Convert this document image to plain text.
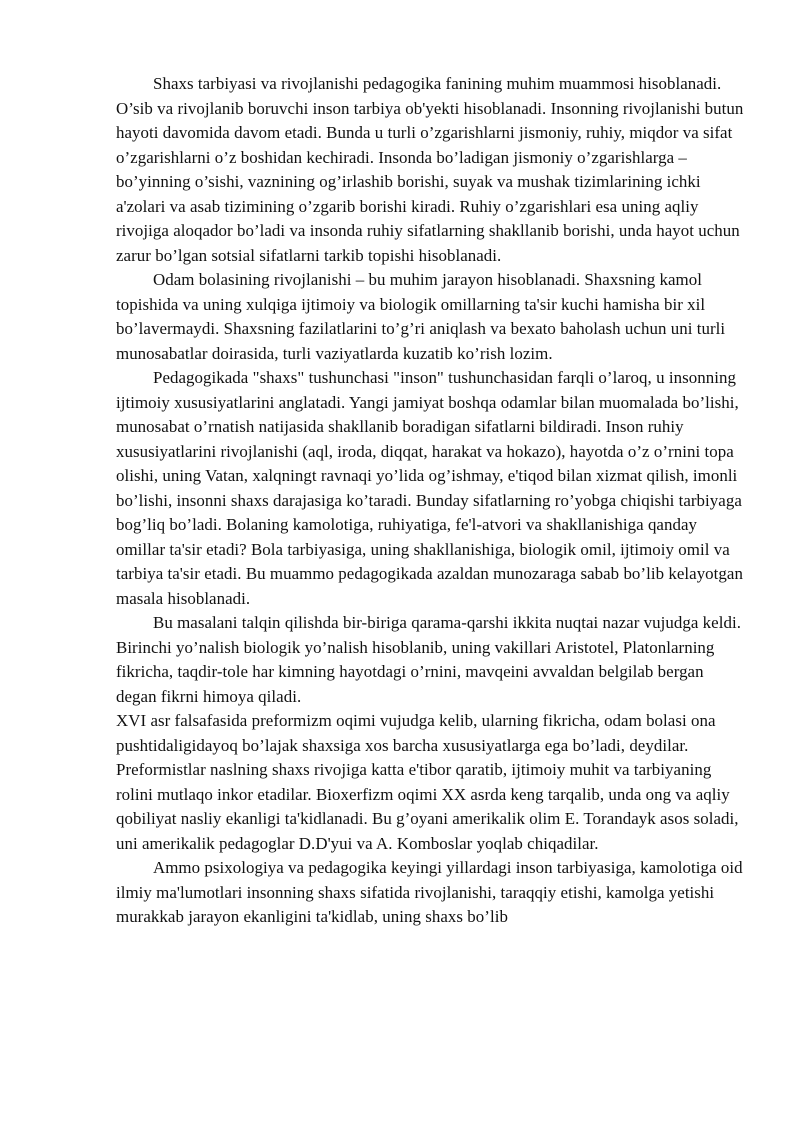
Shaxs tarbiyasi va rivojlanishi pedagogika fanining muhim muammosi hisoblanadi. O’sib va rivojlanib boruvchi inson tarbiya ob'yekti hisoblanadi. Insonning rivojlanishi butun hayoti davomida davom etadi. Bunda u turli o’zgarishlarni jismoniy, ruhiy, miqdor va sifat o’zgarishlarni o’z boshidan kechiradi. Insonda bo’ladigan jismoniy o’zgarishlarga – bo’yinning o’sishi, vaznining og’irlashib borishi, suyak va mushak tizimlarining ichki a'zolari va asab tizimining o’zgarib borishi kiradi. Ruhiy o’zgarishlari esa uning aqliy rivojiga aloqador bo’ladi va insonda ruhiy sifatlarning shakllanib borishi, unda hayot uchun zarur bo’lgan sotsial sifatlarni tarkib topishi hisoblanadi.

Odam bolasining rivojlanishi – bu muhim jarayon hisoblanadi. Shaxsning kamol topishida va uning xulqiga ijtimoiy va biologik omillarning ta'sir kuchi hamisha bir xil bo’lavermaydi. Shaxsning fazilatlarini to’g’ri aniqlash va bexato baholash uchun uni turli munosabatlar doirasida, turli vaziyatlarda kuzatib ko’rish lozim.

Pedagogikada "shaxs" tushunchasi "inson" tushunchasidan farqli o’laroq, u insonning ijtimoiy xususiyatlarini anglatadi. Yangi jamiyat boshqa odamlar bilan muomalada bo’lishi, munosabat o’rnatish natijasida shakllanib boradigan sifatlarni bildiradi. Inson ruhiy xususiyatlarini rivojlanishi (aql, iroda, diqqat, harakat va hokazo), hayotda o’z o’rnini topa olishi, uning Vatan, xalqningt ravnaqi yo’lida og’ishmay, e'tiqod bilan xizmat qilish, imonli bo’lishi, insonni shaxs darajasiga ko’taradi. Bunday sifatlarning ro’yobga chiqishi tarbiyaga bog’liq bo’ladi. Bolaning kamolotiga, ruhiyatiga, fe'l-atvori va shakllanishiga qanday omillar ta'sir etadi? Bola tarbiyasiga, uning shakllanishiga, biologik omil, ijtimoiy omil va tarbiya ta'sir etadi. Bu muammo pedagogikada azaldan munozaraga sabab bo’lib kelayotgan masala hisoblanadi.

Bu masalani talqin qilishda bir-biriga qarama-qarshi ikkita nuqtai nazar vujudga keldi. Birinchi yo’nalish biologik yo’nalish hisoblanib, uning vakillari Aristotel, Platonlarning fikricha, taqdir-tole har kimning hayotdagi o’rnini, mavqeini avvaldan belgilab bergan degan fikrni himoya qiladi.

XVI asr falsafasida preformizm oqimi vujudga kelib, ularning fikricha, odam bolasi ona pushtidaligidayoq bo’lajak shaxsiga xos barcha xususiyatlarga ega bo’ladi, deydilar. Preformistlar naslning shaxs rivojiga katta e'tibor qaratib, ijtimoiy muhit va tarbiyaning rolini mutlaqo inkor etadilar. Bioxerfizm oqimi XX asrda keng tarqalib, unda ong va aqliy qobiliyat nasliy ekanligi ta'kidlanadi. Bu g’oyani amerikalik olim E. Torandayk asos soladi, uni amerikalik pedagoglar D.D'yui va A. Komboslar yoqlab chiqadilar.

Ammo psixologiya va pedagogika keyingi yillardagi inson tarbiyasiga, kamolotiga oid ilmiy ma'lumotlari insonning shaxs sifatida rivojlanishi, taraqqiy etishi, kamolga yetishi murakkab jarayon ekanligini ta'kidlab, uning shaxs bo’lib
